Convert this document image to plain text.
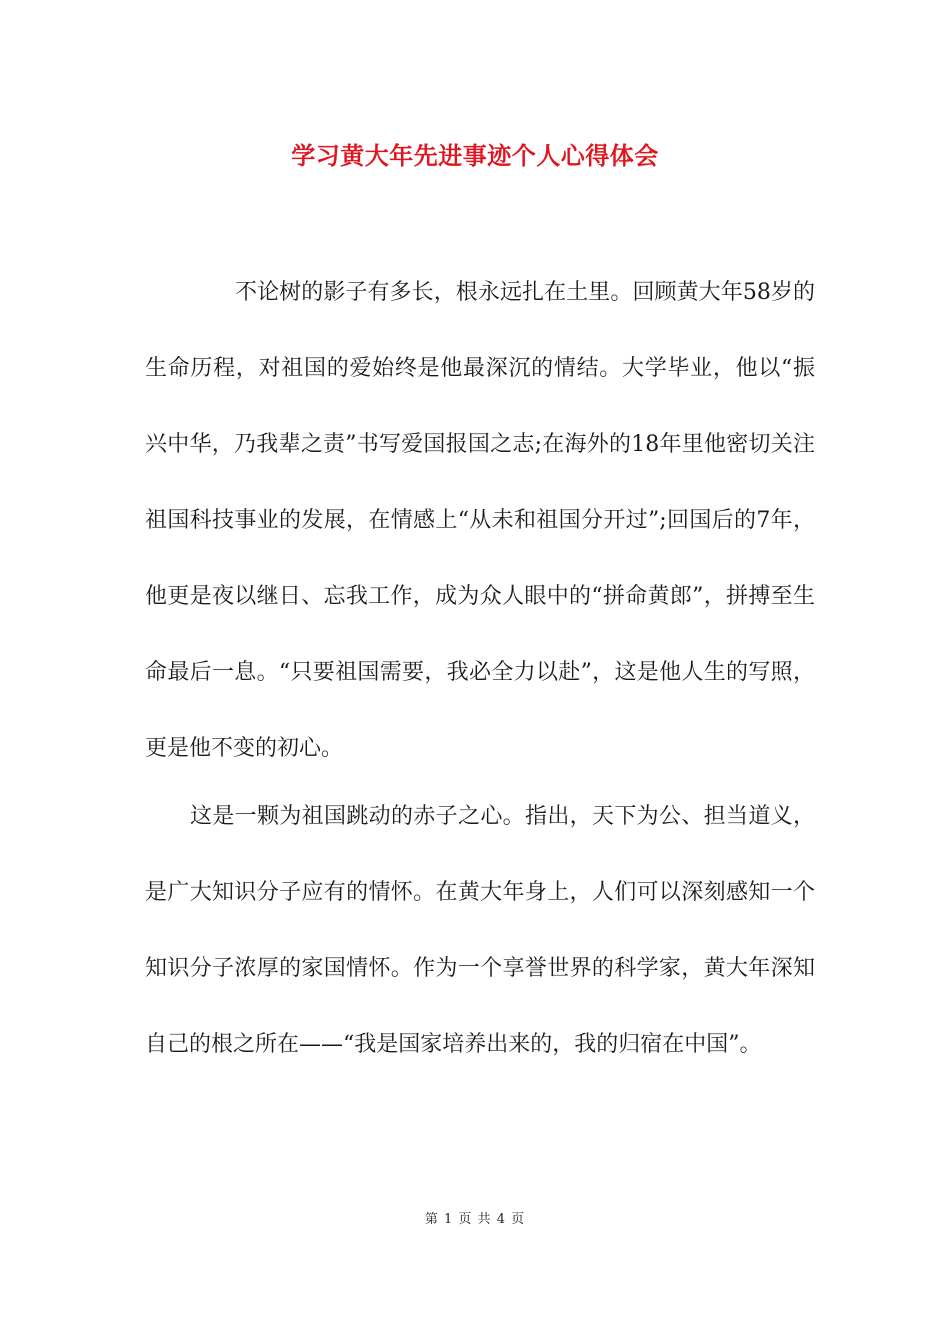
学习黄大年先进事迹个人心得体会

不论树的影子有多长，根永远扎在土里。回顾黄大年58岁的生命历程，对祖国的爱始终是他最深沉的情结。大学毕业，他以“振兴中华，乃我辈之责”书写爱国报国之志;在海外的18年里他密切关注祖国科技事业的发展，在情感上“从未和祖国分开过”;回国后的7年，他更是夜以继日、忘我工作，成为众人眼中的“拼命黄郎”，拼搏至生命最后一息。“只要祖国需要，我必全力以赴”，这是他人生的写照，更是他不变的初心。

这是一颗为祖国跳动的赤子之心。指出，天下为公、担当道义，是广大知识分子应有的情怀。在黄大年身上，人们可以深刻感知一个知识分子浓厚的家国情怀。作为一个享誉世界的科学家，黄大年深知自己的根之所在——“我是国家培养出来的，我的归宿在中国”。

第 1 页 共 4 页
